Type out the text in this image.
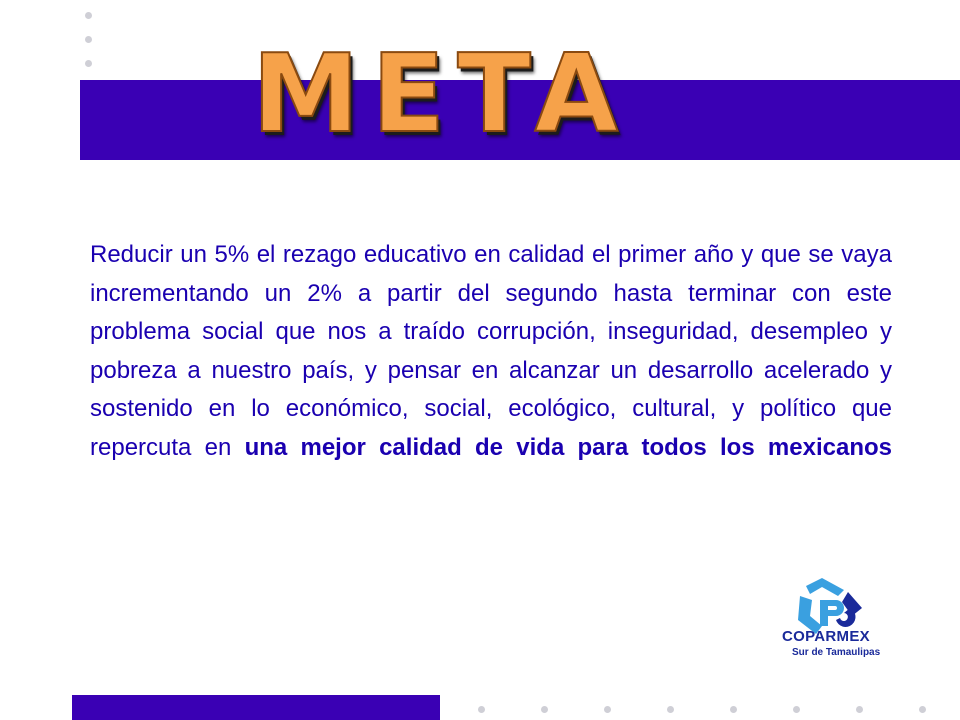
META

Reducir un 5% el rezago educativo en calidad el primer año y que se vaya incrementando un 2% a partir del segundo hasta terminar con este problema social que nos a traído corrupción, inseguridad, desempleo y pobreza a nuestro país, y pensar en alcanzar un desarrollo acelerado y sostenido en lo económico, social, ecológico, cultural, y político que repercuta en una mejor calidad de vida para todos los mexicanos

COPARMEX
Sur de Tamaulipas
